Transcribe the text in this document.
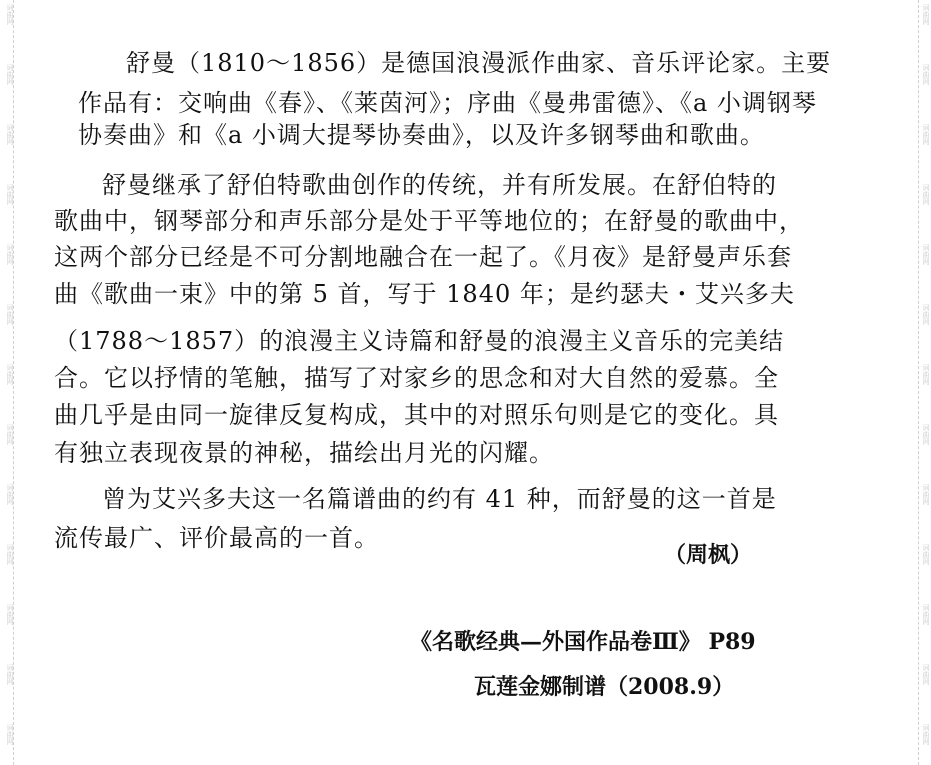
词曲网
词曲网
词曲网
词曲网
词曲网
词曲网
词曲网
词曲网
词曲网
词曲网
词曲网
词曲网
词曲网
词曲网
词曲网
词曲网
词曲网
词曲网
词曲网
词曲网
词曲网
词曲网
词曲网
词曲网
词曲网
词曲网
舒曼（1810～1856）是德国浪漫派作曲家、音乐评论家。主要
作品有：交响曲《春》、《莱茵河》；序曲《曼弗雷德》、《a 小调钢琴
协奏曲》和《a 小调大提琴协奏曲》，以及许多钢琴曲和歌曲。
舒曼继承了舒伯特歌曲创作的传统，并有所发展。在舒伯特的
歌曲中，钢琴部分和声乐部分是处于平等地位的；在舒曼的歌曲中，
这两个部分已经是不可分割地融合在一起了。《月夜》是舒曼声乐套
曲《歌曲一束》中的第 5 首，写于 1840 年；是约瑟夫・艾兴多夫
（1788～1857）的浪漫主义诗篇和舒曼的浪漫主义音乐的完美结
合。它以抒情的笔触，描写了对家乡的思念和对大自然的爱慕。全
曲几乎是由同一旋律反复构成，其中的对照乐句则是它的变化。具
有独立表现夜景的神秘，描绘出月光的闪耀。
曾为艾兴多夫这一名篇谱曲的约有 41 种，而舒曼的这一首是
流传最广、评价最高的一首。
（周枫）
《名歌经典—外国作品卷Ⅲ》 P89
瓦莲金娜制谱（2008.9）
